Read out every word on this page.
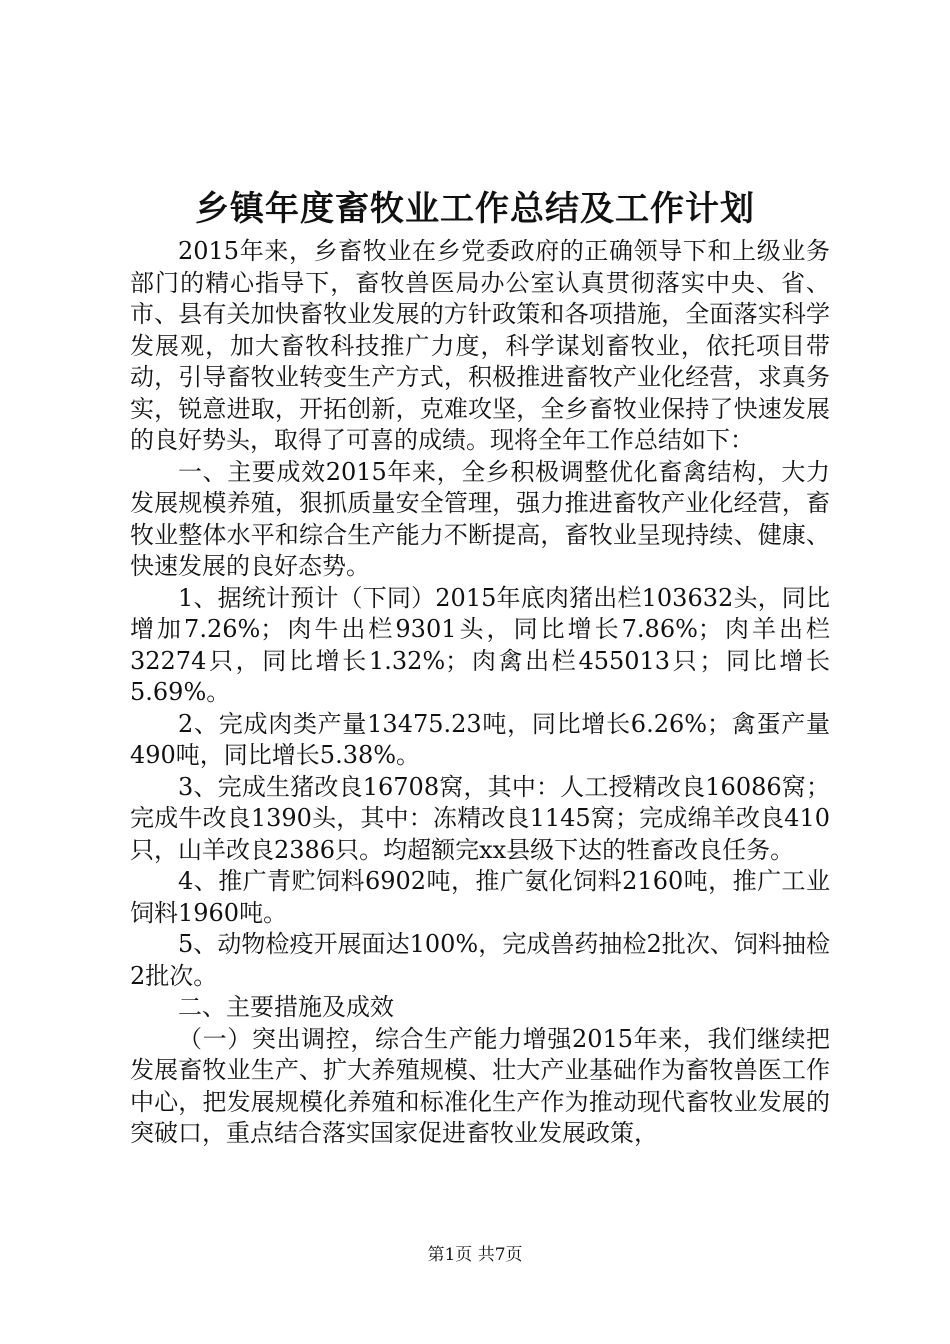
乡镇年度畜牧业工作总结及工作计划

2015年来，乡畜牧业在乡党委政府的正确领导下和上级业务部门的精心指导下，畜牧兽医局办公室认真贯彻落实中央、省、市、县有关加快畜牧业发展的方针政策和各项措施，全面落实科学发展观，加大畜牧科技推广力度，科学谋划畜牧业，依托项目带动，引导畜牧业转变生产方式，积极推进畜牧产业化经营，求真务实，锐意进取，开拓创新，克难攻坚，全乡畜牧业保持了快速发展的良好势头，取得了可喜的成绩。现将全年工作总结如下：

一、主要成效2015年来，全乡积极调整优化畜禽结构，大力发展规模养殖，狠抓质量安全管理，强力推进畜牧产业化经营，畜牧业整体水平和综合生产能力不断提高，畜牧业呈现持续、健康、快速发展的良好态势。

1、据统计预计（下同）2015年底肉猪出栏103632头，同比增加7.26%；肉牛出栏9301头，同比增长7.86%；肉羊出栏32274只，同比增长1.32%；肉禽出栏455013只；同比增长5.69%。

2、完成肉类产量13475.23吨，同比增长6.26%；禽蛋产量490吨，同比增长5.38%。

3、完成生猪改良16708窝，其中：人工授精改良16086窝；完成牛改良1390头，其中：冻精改良1145窝；完成绵羊改良410只，山羊改良2386只。均超额完xx县级下达的牲畜改良任务。

4、推广青贮饲料6902吨，推广氨化饲料2160吨，推广工业饲料1960吨。

5、动物检疫开展面达100%，完成兽药抽检2批次、饲料抽检2批次。

二、主要措施及成效

（一）突出调控，综合生产能力增强2015年来，我们继续把发展畜牧业生产、扩大养殖规模、壮大产业基础作为畜牧兽医工作中心，把发展规模化养殖和标准化生产作为推动现代畜牧业发展的突破口，重点结合落实国家促进畜牧业发展政策，

第1页 共7页
